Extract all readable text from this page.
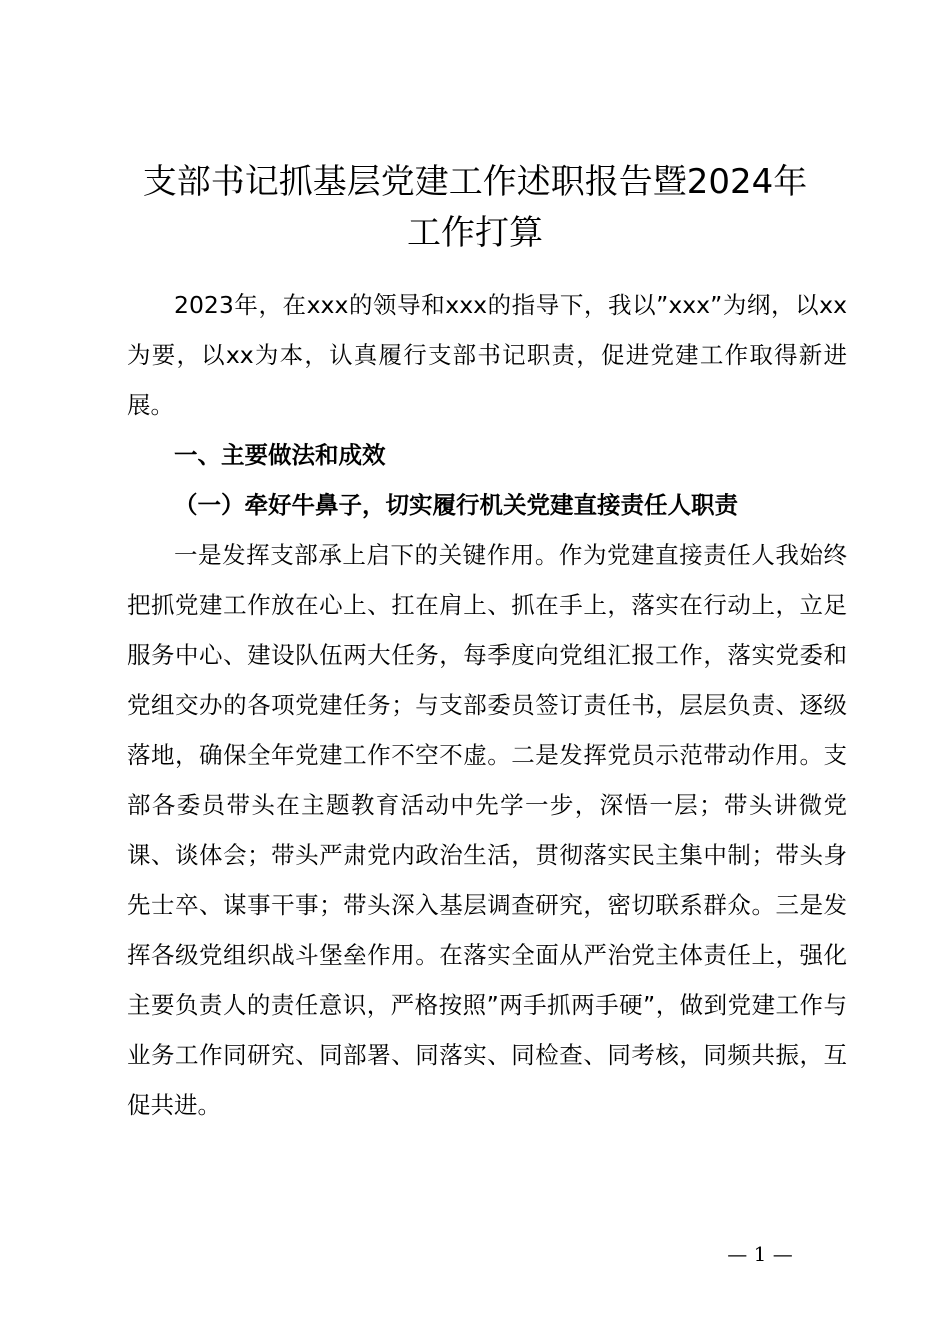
支部书记抓基层党建工作述职报告暨2024年
工作打算

2023年，在xxx的领导和xxx的指导下，我以”xxx”为纲，以xx为要，以xx为本，认真履行支部书记职责，促进党建工作取得新进展。

一、主要做法和成效

（一）牵好牛鼻子，切实履行机关党建直接责任人职责

一是发挥支部承上启下的关键作用。作为党建直接责任人我始终把抓党建工作放在心上、扛在肩上、抓在手上，落实在行动上，立足服务中心、建设队伍两大任务，每季度向党组汇报工作，落实党委和党组交办的各项党建任务；与支部委员签订责任书，层层负责、逐级落地，确保全年党建工作不空不虚。二是发挥党员示范带动作用。支部各委员带头在主题教育活动中先学一步，深悟一层；带头讲微党课、谈体会；带头严肃党内政治生活，贯彻落实民主集中制；带头身先士卒、谋事干事；带头深入基层调查研究，密切联系群众。三是发挥各级党组织战斗堡垒作用。在落实全面从严治党主体责任上，强化主要负责人的责任意识，严格按照”两手抓两手硬”，做到党建工作与业务工作同研究、同部署、同落实、同检查、同考核，同频共振，互促共进。

— 1 —
